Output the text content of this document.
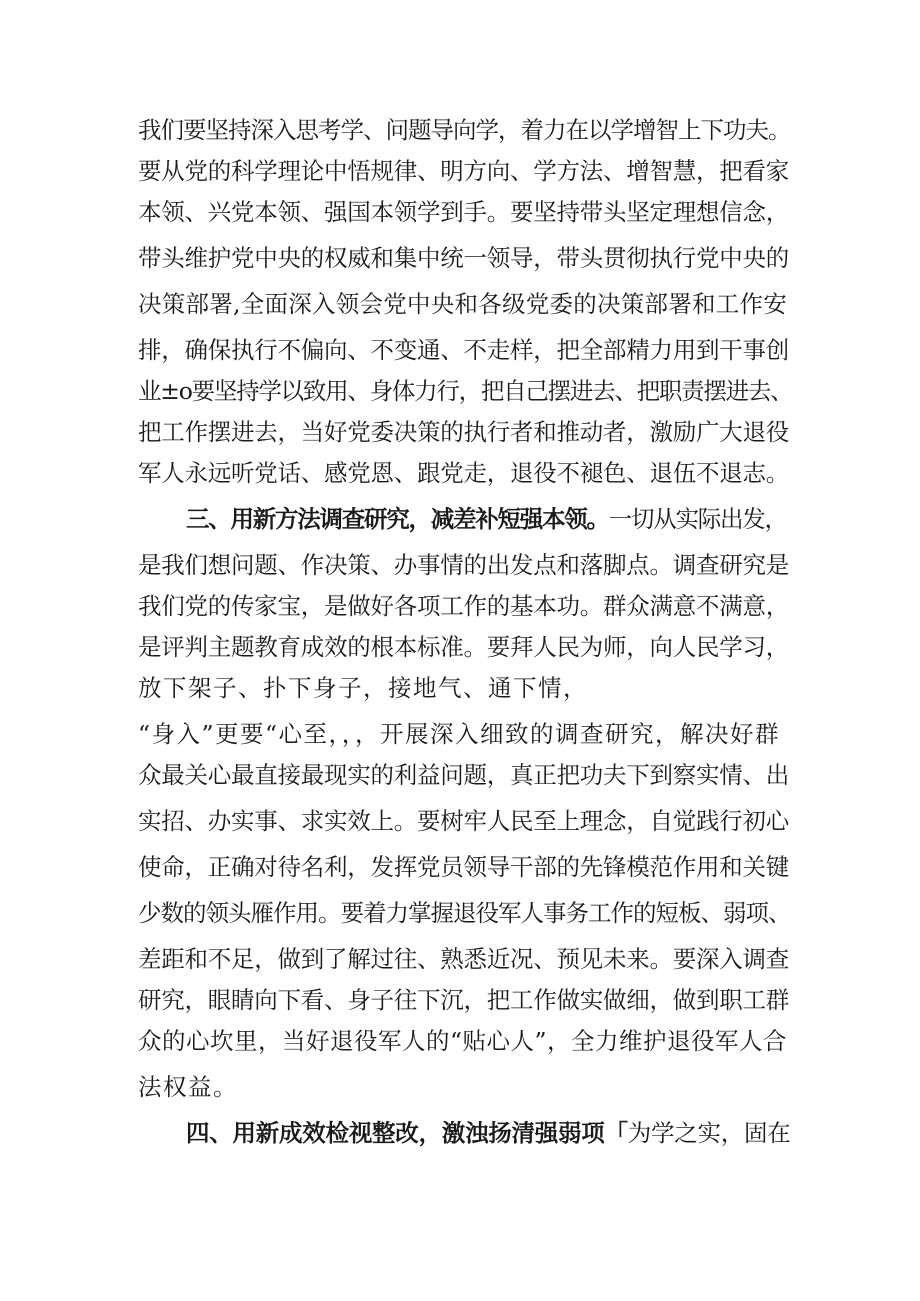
我们要坚持深入思考学、问题导向学，着力在以学增智上下功夫。
要从党的科学理论中悟规律、明方向、学方法、增智慧，把看家
本领、兴党本领、强国本领学到手。要坚持带头坚定理想信念，
带头维护党中央的权威和集中统一领导，带头贯彻执行党中央的
决策部署,全面深入领会党中央和各级党委的决策部署和工作安
排，确保执行不偏向、不变通、不走样，把全部精力用到干事创
业±o要坚持学以致用、身体力行，把自己摆进去、把职责摆进去、
把工作摆进去，当好党委决策的执行者和推动者，激励广大退役
军人永远听党话、感党恩、跟党走，退役不褪色、退伍不退志。
三、用新方法调查研究，减差补短强本领。一切从实际出发，
是我们想问题、作决策、办事情的出发点和落脚点。调查研究是
我们党的传家宝，是做好各项工作的基本功。群众满意不满意，
是评判主题教育成效的根本标准。要拜人民为师，向人民学习，
放下架子、扑下身子，接地气、通下情，
“身入”更要“心至，，，开展深入细致的调查研究，解决好群
众最关心最直接最现实的利益问题，真正把功夫下到察实情、出
实招、办实事、求实效上。要树牢人民至上理念，自觉践行初心
使命，正确对待名利，发挥党员领导干部的先锋模范作用和关键
少数的领头雁作用。要着力掌握退役军人事务工作的短板、弱项、
差距和不足，做到了解过往、熟悉近况、预见未来。要深入调查
研究，眼睛向下看、身子往下沉，把工作做实做细，做到职工群
众的心坎里，当好退役军人的“贴心人”，全力维护退役军人合
法权益。
四、用新成效检视整改，激浊扬清强弱项「为学之实，固在
